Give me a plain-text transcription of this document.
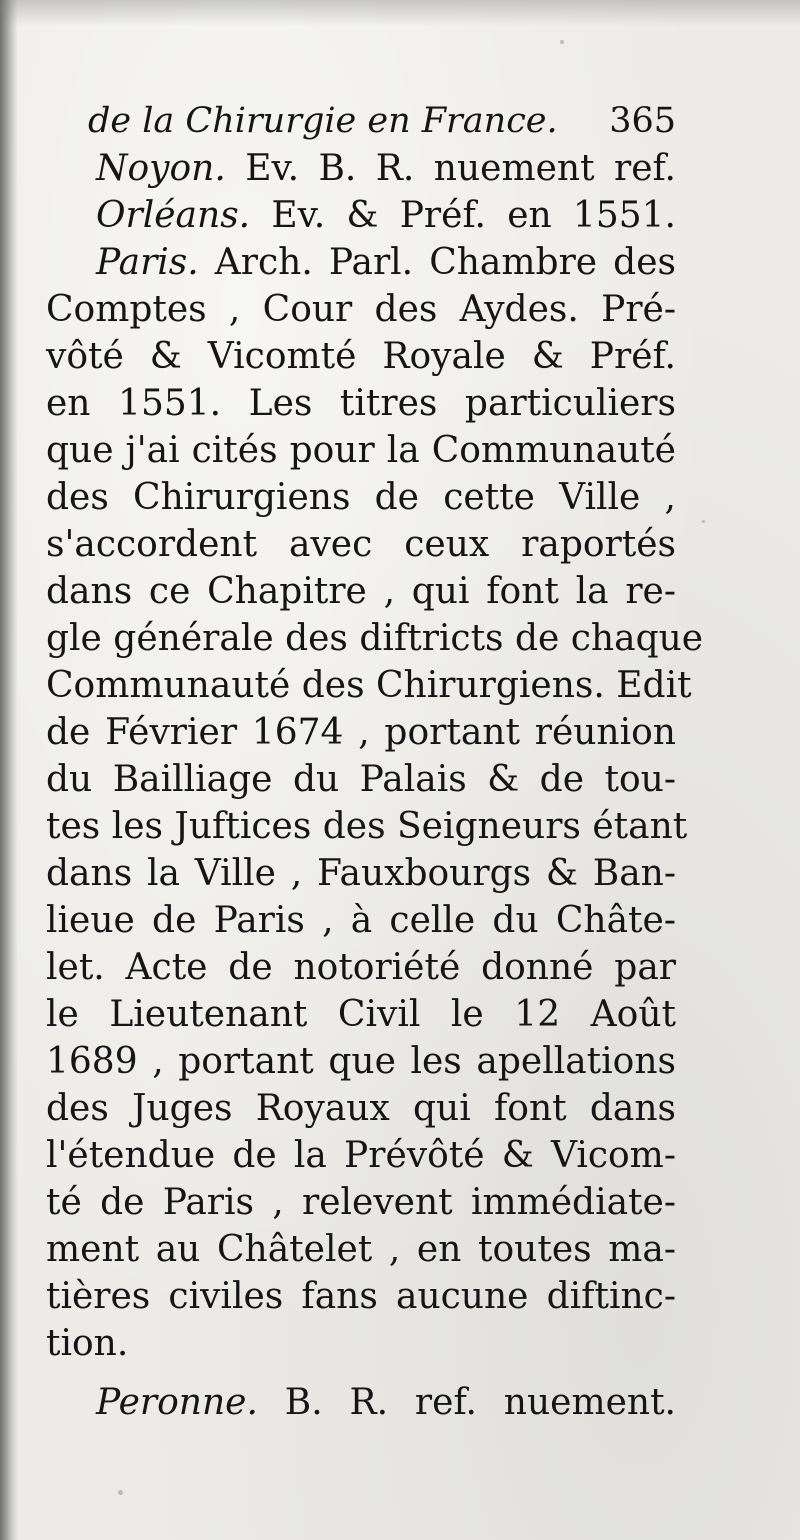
de la Chirurgie en France. 365
Noyon. Ev. B. R. nuement ref.
Orléans. Ev. & Préf. en 1551.
Paris. Arch. Parl. Chambre des
Comptes , Cour des Aydes. Pré-
vôté & Vicomté Royale & Préf.
en 1551. Les titres particuliers
que j'ai cités pour la Communauté
des Chirurgiens de cette Ville ,
s'accordent avec ceux raportés
dans ce Chapitre , qui font la re-
gle générale des diftricts de chaque
Communauté des Chirurgiens. Edit
de Février 1674 , portant réunion
du Bailliage du Palais & de tou-
tes les Juftices des Seigneurs étant
dans la Ville , Fauxbourgs & Ban-
lieue de Paris , à celle du Châte-
let. Acte de notoriété donné par
le Lieutenant Civil le 12 Août
1689 , portant que les apellations
des Juges Royaux qui font dans
l'étendue de la Prévôté & Vicom-
té de Paris , relevent immédiate-
ment au Châtelet , en toutes ma-
tières civiles fans aucune diftinc-
tion.
Peronne. B. R. ref. nuement.
